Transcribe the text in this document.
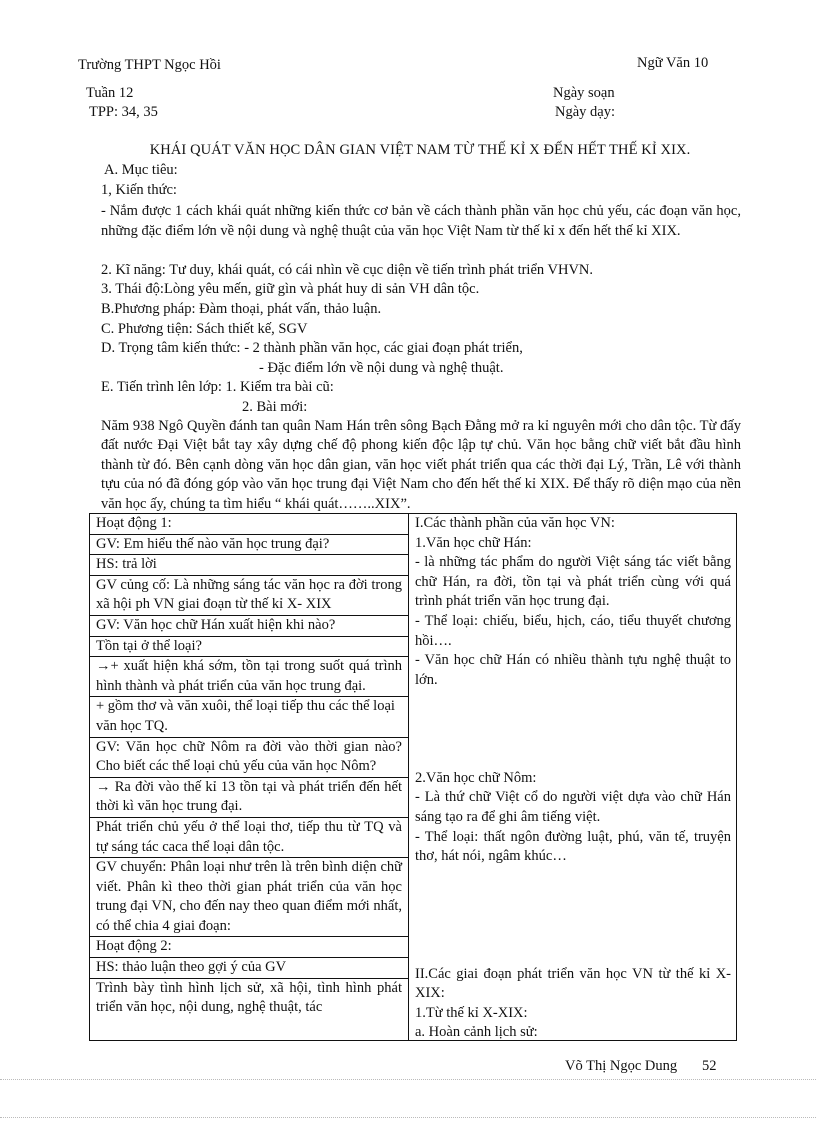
Trường THPT Ngọc Hồi	Ngữ Văn 10
Tuần 12
TPP: 34, 35
Ngày soạn
Ngày dạy:
KHÁI QUÁT VĂN HỌC DÂN GIAN VIỆT NAM TỪ THẾ KỈ X ĐẾN HẾT THẾ KỈ XIX.
A. Mục tiêu:
1, Kiến thức:
- Nắm được 1 cách khái quát những kiến thức cơ bản về cách thành phần văn học chủ yếu, các đoạn văn học, những đặc điểm lớn về nội dung và nghệ thuật của văn học Việt Nam từ thế kỉ x đến hết thế kỉ XIX.
2. Kĩ năng: Tư duy, khái quát, có cái nhìn về cục diện về tiến trình phát triển VHVN.
3. Thái độ:Lòng yêu mến, giữ gìn và phát huy di sản VH dân tộc.
B.Phương pháp: Đàm thoại, phát vấn, thảo luận.
C. Phương tiện: Sách thiết kế, SGV
D. Trọng tâm kiến thức: - 2 thành phần văn học, các giai đoạn phát triển,
- Đặc điểm lớn về nội dung và nghệ thuật.
E. Tiến trình lên lớp: 1. Kiểm tra bài cũ:
2. Bài mới:
Năm 938 Ngô Quyền đánh tan quân Nam Hán trên sông Bạch Đằng mở ra kỉ nguyên mới cho dân tộc. Từ đấy đất nước Đại Việt bắt tay xây dựng chế độ phong kiến độc lập tự chủ. Văn học bằng chữ viết bắt đầu hình thành từ đó. Bên cạnh dòng văn học dân gian, văn học viết phát triển qua các thời đại Lý, Trần, Lê với thành tựu của nó đã đóng góp vào văn học trung đại Việt Nam cho đến hết thế kỉ XIX. Để thấy rõ diện mạo của nền văn học ấy, chúng ta tìm hiểu “ khái quát……..XIX”.
Hoạt động 1:
GV: Em hiểu thế nào văn học trung đại?
HS: trả lời
GV củng cố: Là những sáng tác văn học ra đời trong xã hội ph VN giai đoạn từ thế kỉ X- XIX
GV: Văn học chữ Hán xuất hiện khi nào?
Tồn tại ở thể loại?
→+ xuất hiện khá sớm, tồn tại trong suốt quá trình hình thành và phát triển của văn học trung đại.
+ gồm thơ và văn xuôi, thể loại tiếp thu các thể loại văn học TQ.
GV: Văn học chữ Nôm ra đời vào thời gian nào? Cho biết các thể loại chủ yếu của văn học Nôm?
→ Ra đời vào thế kỉ 13 tồn tại và phát triển đến hết thời kì văn học trung đại.
Phát triển chủ yếu ở thể loại thơ, tiếp thu từ TQ và tự sáng tác caca thể loại dân tộc.
GV chuyển: Phân loại như trên là trên bình diện chữ viết. Phân kì theo thời gian phát triển của văn học trung đại VN, cho đến nay theo quan điểm mới nhất, có thể chia 4 giai đoạn:
Hoạt động 2:
HS: thảo luận theo gợi ý của GV
Trình bày tình hình lịch sử, xã hội, tình hình phát triển văn học, nội dung, nghệ thuật, tác
I.Các thành phần của văn học VN:
1.Văn học chữ Hán:
- là những tác phẩm do người Việt sáng tác viết bằng chữ Hán, ra đời, tồn tại và phát triển cùng với quá trình phát triển văn học trung đại.
- Thể loại: chiếu, biểu, hịch, cáo, tiểu thuyết chương hồi….
- Văn học chữ Hán có nhiều thành tựu nghệ thuật to lớn.
2.Văn học chữ Nôm:
- Là thứ chữ Việt cổ do người việt dựa vào chữ Hán sáng tạo ra để ghi âm tiếng việt.
- Thể loại: thất ngôn đường luật, phú, văn tế, truyện thơ, hát nói, ngâm khúc…
II.Các giai đoạn phát triển văn học VN từ thế kỉ X-XIX:
1.Từ thế kỉ X-XIX:
a. Hoàn cảnh lịch sử:
Võ Thị Ngọc Dung 52
